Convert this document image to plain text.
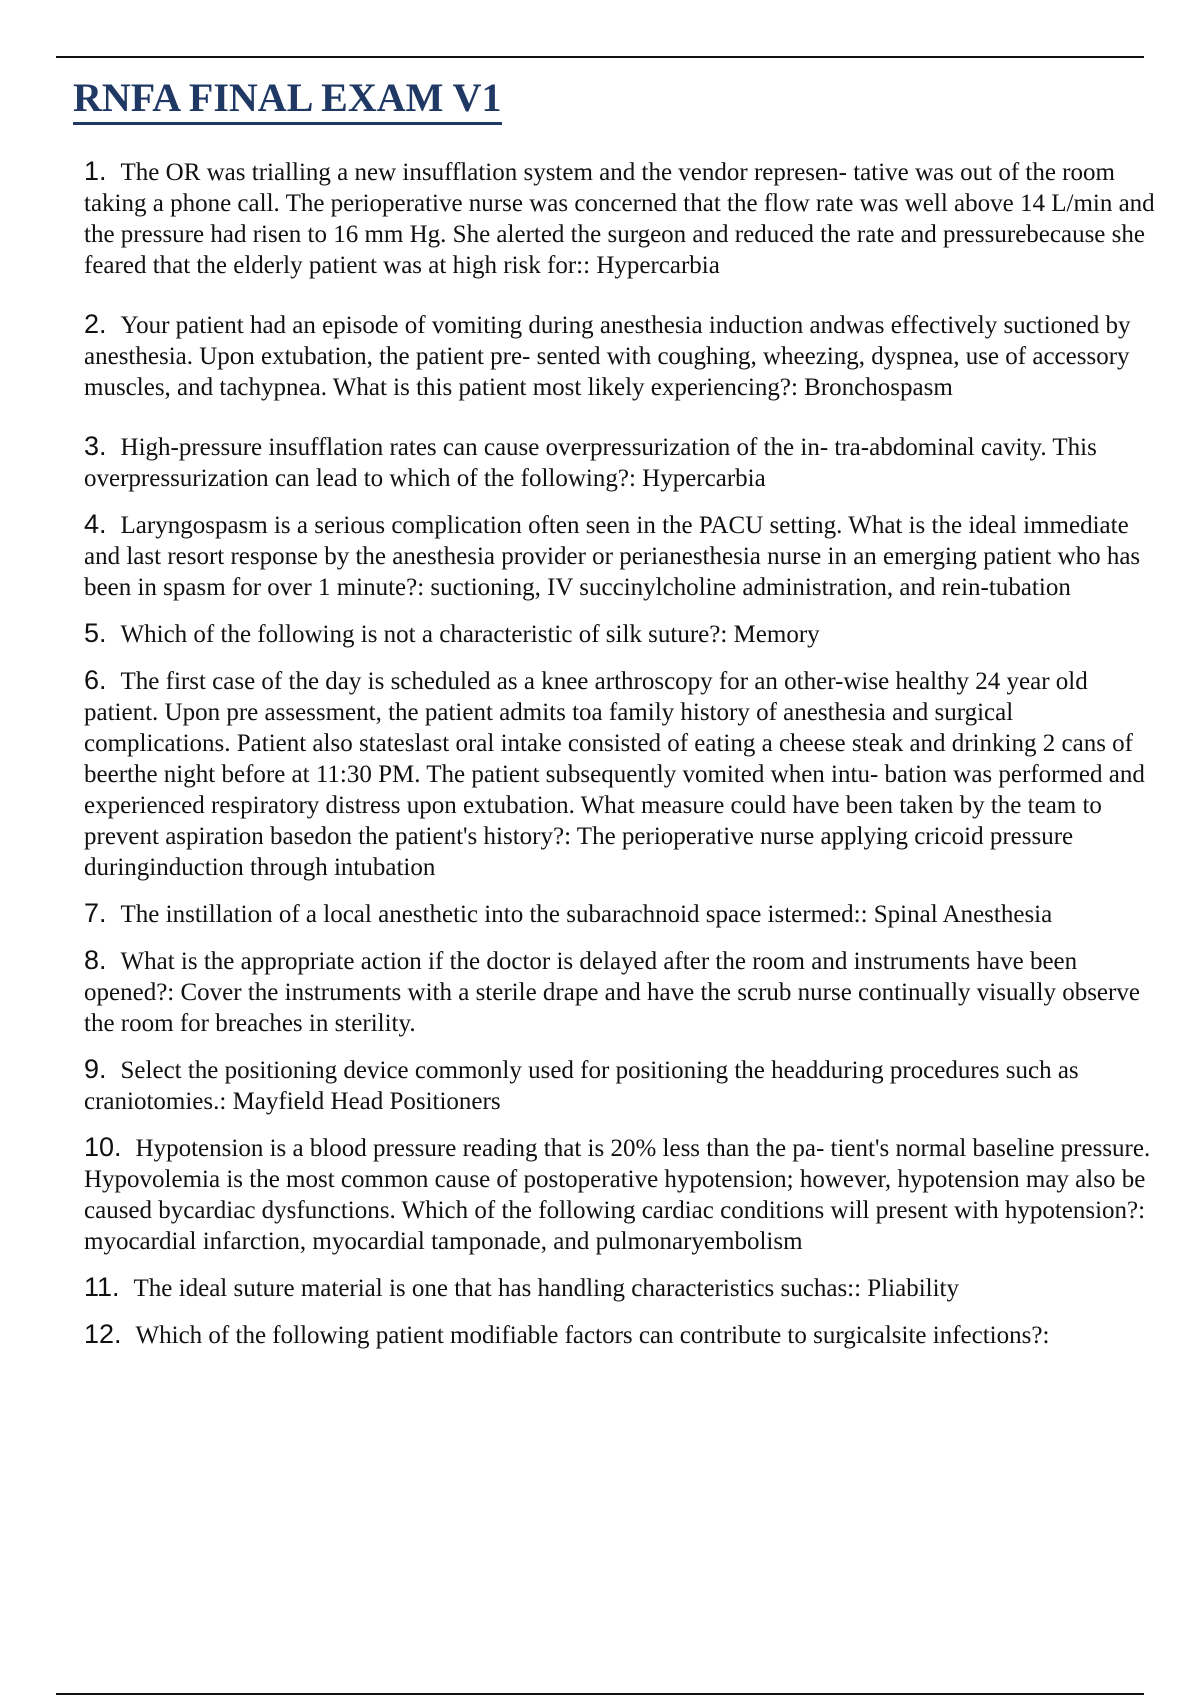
RNFA FINAL EXAM V1
1. The OR was trialling a new insufflation system and the vendor represen- tative was out of the room taking a phone call. The perioperative nurse was concerned that the flow rate was well above 14 L/min and the pressure had risen to 16 mm Hg. She alerted the surgeon and reduced the rate and pressurebecause she feared that the elderly patient was at high risk for:: Hypercarbia
2. Your patient had an episode of vomiting during anesthesia induction andwas effectively suctioned by anesthesia. Upon extubation, the patient pre- sented with coughing, wheezing, dyspnea, use of accessory muscles, and tachypnea. What is this patient most likely experiencing?: Bronchospasm
3. High-pressure insufflation rates can cause overpressurization of the in- tra-abdominal cavity. This overpressurization can lead to which of the following?: Hypercarbia
4. Laryngospasm is a serious complication often seen in the PACU setting. What is the ideal immediate and last resort response by the anesthesia provider or perianesthesia nurse in an emerging patient who has been in spasm for over 1 minute?: suctioning, IV succinylcholine administration, and rein-tubation
5. Which of the following is not a characteristic of silk suture?: Memory
6. The first case of the day is scheduled as a knee arthroscopy for an other-wise healthy 24 year old patient. Upon pre assessment, the patient admits toa family history of anesthesia and surgical complications. Patient also stateslast oral intake consisted of eating a cheese steak and drinking 2 cans of beerthe night before at 11:30 PM. The patient subsequently vomited when intu- bation was performed and experienced respiratory distress upon extubation. What measure could have been taken by the team to prevent aspiration basedon the patient's history?: The perioperative nurse applying cricoid pressure duringinduction through intubation
7. The instillation of a local anesthetic into the subarachnoid space istermed:: Spinal Anesthesia
8. What is the appropriate action if the doctor is delayed after the room and instruments have been opened?: Cover the instruments with a sterile drape and have the scrub nurse continually visually observe the room for breaches in sterility.
9. Select the positioning device commonly used for positioning the headduring procedures such as craniotomies.: Mayfield Head Positioners
10. Hypotension is a blood pressure reading that is 20% less than the pa- tient's normal baseline pressure. Hypovolemia is the most common cause of postoperative hypotension; however, hypotension may also be caused bycardiac dysfunctions. Which of the following cardiac conditions will present with hypotension?: myocardial infarction, myocardial tamponade, and pulmonaryembolism
11. The ideal suture material is one that has handling characteristics suchas:: Pliability
12. Which of the following patient modifiable factors can contribute to surgicalsite infections?:
